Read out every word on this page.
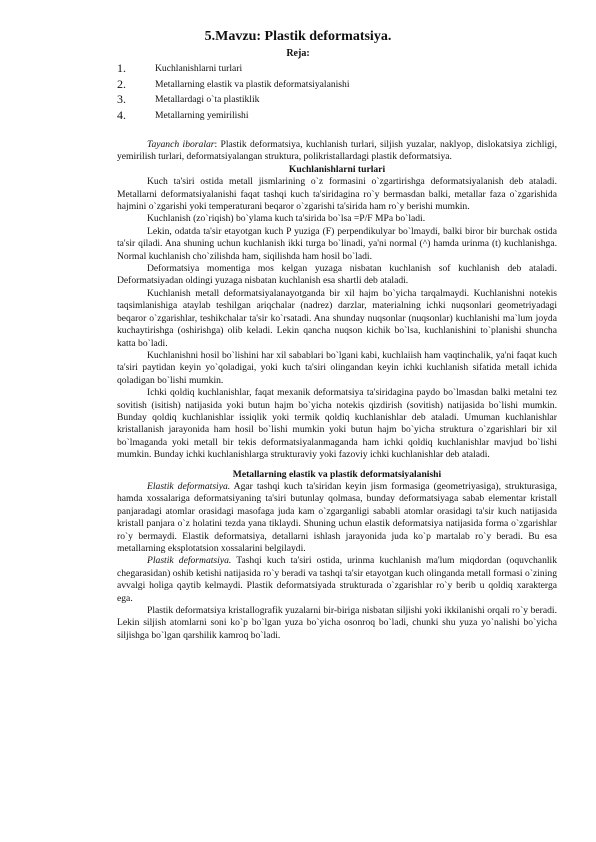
5.Mavzu: Plastik deformatsiya.
Reja:
1.	Kuchlanishlarni turlari
2.	Metallarning elastik va plastik deformatsiyalanishi
3.	Metallardagi o`ta plastiklik
4.	Metallarning yemirilishi

Tayanch iboralar: Plastik deformatsiya, kuchlanish turlari, siljish yuzalar, naklyop, dislokatsiya zichligi, yemirilish turlari, deformatsiyalangan struktura, polikristallardagi plastik deformatsiya.

Kuchlanishlarni turlari

Kuch ta'siri ostida metall jismlarining o`z formasini o`zgartirishga deformatsiyalanish deb ataladi. Metallarni deformatsiyalanishi faqat tashqi kuch ta'siridagina ro`y bermasdan balki, metallar faza o`zgarishida hajmini o`zgarishi yoki temperaturani beqaror o`zgarishi ta'sirida ham ro`y berishi mumkin.

Kuchlanish (zo`riqish) bo`ylama kuch ta'sirida bo`lsa =P/F MPa bo`ladi.

Lekin, odatda ta'sir etayotgan kuch P yuziga (F) perpendikulyar bo`lmaydi, balki biror bir burchak ostida ta'sir qiladi. Ana shuning uchun kuchlanish ikki turga bo`linadi, ya'ni normal (^) hamda urinma (t) kuchlanishga. Normal kuchlanish cho`zilishda ham, siqilishda ham hosil bo`ladi.

Deformatsiya momentiga mos kelgan yuzaga nisbatan kuchlanish sof kuchlanish deb ataladi. Deformatsiyadan oldingi yuzaga nisbatan kuchlanish esa shartli deb ataladi.

Kuchlanish metall deformatsiyalanayotganda bir xil hajm bo`yicha tarqalmaydi. Kuchlanishni notekis taqsimlanishiga ataylab teshilgan ariqchalar (nadrez) darzlar, materialning ichki nuqsonlari geometriyadagi beqaror o`zgarishlar, teshikchalar ta'sir ko`rsatadi. Ana shunday nuqsonlar (nuqsonlar) kuchlanishi mа`lum joyda kuchaytirishga (oshirishga) olib keladi. Lekin qancha nuqson kichik bo`lsa, kuchlanishini to`planishi shuncha katta bo`ladi.

Kuchlanishni hosil bo`lishini har xil sabablari bo`lgani kabi, kuchlaiish ham vaqtinchalik, ya'ni faqat kuch ta'siri paytidan keyin yo`qoladigai, yoki kuch ta'siri olingandan keyin ichki kuchlanish sifatida metall ichida qoladigan bo`lishi mumkin.

Ichki qoldiq kuchlanishlar, faqat mexanik deformatsiya ta'siridagina paydo bo`lmasdan balki metalni tez sovitish (isitish) natijasida yoki butun hajm bo`yicha notekis qizdirish (sovitish) natijasida bo`lishi mumkin. Bunday qoldiq kuchlanishlar issiqlik yoki termik qoldiq kuchlanishlar deb ataladi. Umuman kuchlanishlar kristallanish jarayonida ham hosil bo`lishi mumkin yoki butun hajm bo`yicha struktura o`zgarishlari bir xil bo`lmaganda yoki metall bir tekis deformatsiyalanmaganda ham ichki qoldiq kuchlanishlar mavjud bo`lishi mumkin. Bunday ichki kuchlanishlarga strukturaviy yoki fazoviy ichki kuchlanishlar deb ataladi.

Metallarning elastik va plastik deformatsiyalanishi

Elastik deformatsiya. Agar tashqi kuch ta'siridan keyin jism formasiga (geometriyasiga), strukturasiga, hamda xossalariga deformatsiyaning ta'siri butunlay qolmasa, bunday deformatsiyaga sabab elementar kristall panjaradagi atomlar orasidagi masofaga juda kam o`zgarganligi sababli atomlar orasidagi ta'sir kuch natijasida kristall panjara o`z holatini tezda yana tiklaydi. Shuning uchun elastik deformatsiya natijasida forma o`zgarishlar ro`y bermaydi. Elastik deformatsiya, detallarni ishlash jarayonida juda ko`p martalab ro`y beradi. Bu esa metallarning eksplotatsion xossalarini belgilaydi.

Plastik deformatsiya. Tashqi kuch ta'siri ostida, urinma kuchlanish ma'lum miqdordan (oquvchanlik chegarasidan) oshib ketishi natijasida ro`y beradi va tashqi ta'sir etayotgan kuch olinganda metall formasi o`zining avvalgi holiga qaytib kelmaydi. Plastik deformatsiyada strukturada o`zgarishlar ro`y berib u qoldiq xarakterga ega.

Plastik deformatsiya kristallografik yuzalarni bir-biriga nisbatan siljishi yoki ikkilanishi orqali ro`y beradi. Lekin siljish atomlarni soni ko`p bo`lgan yuza bo`yicha osonroq bo`ladi, chunki shu yuza yo`nalishi bo`yicha siljishga bo`lgan qarshilik kamroq bo`ladi.
